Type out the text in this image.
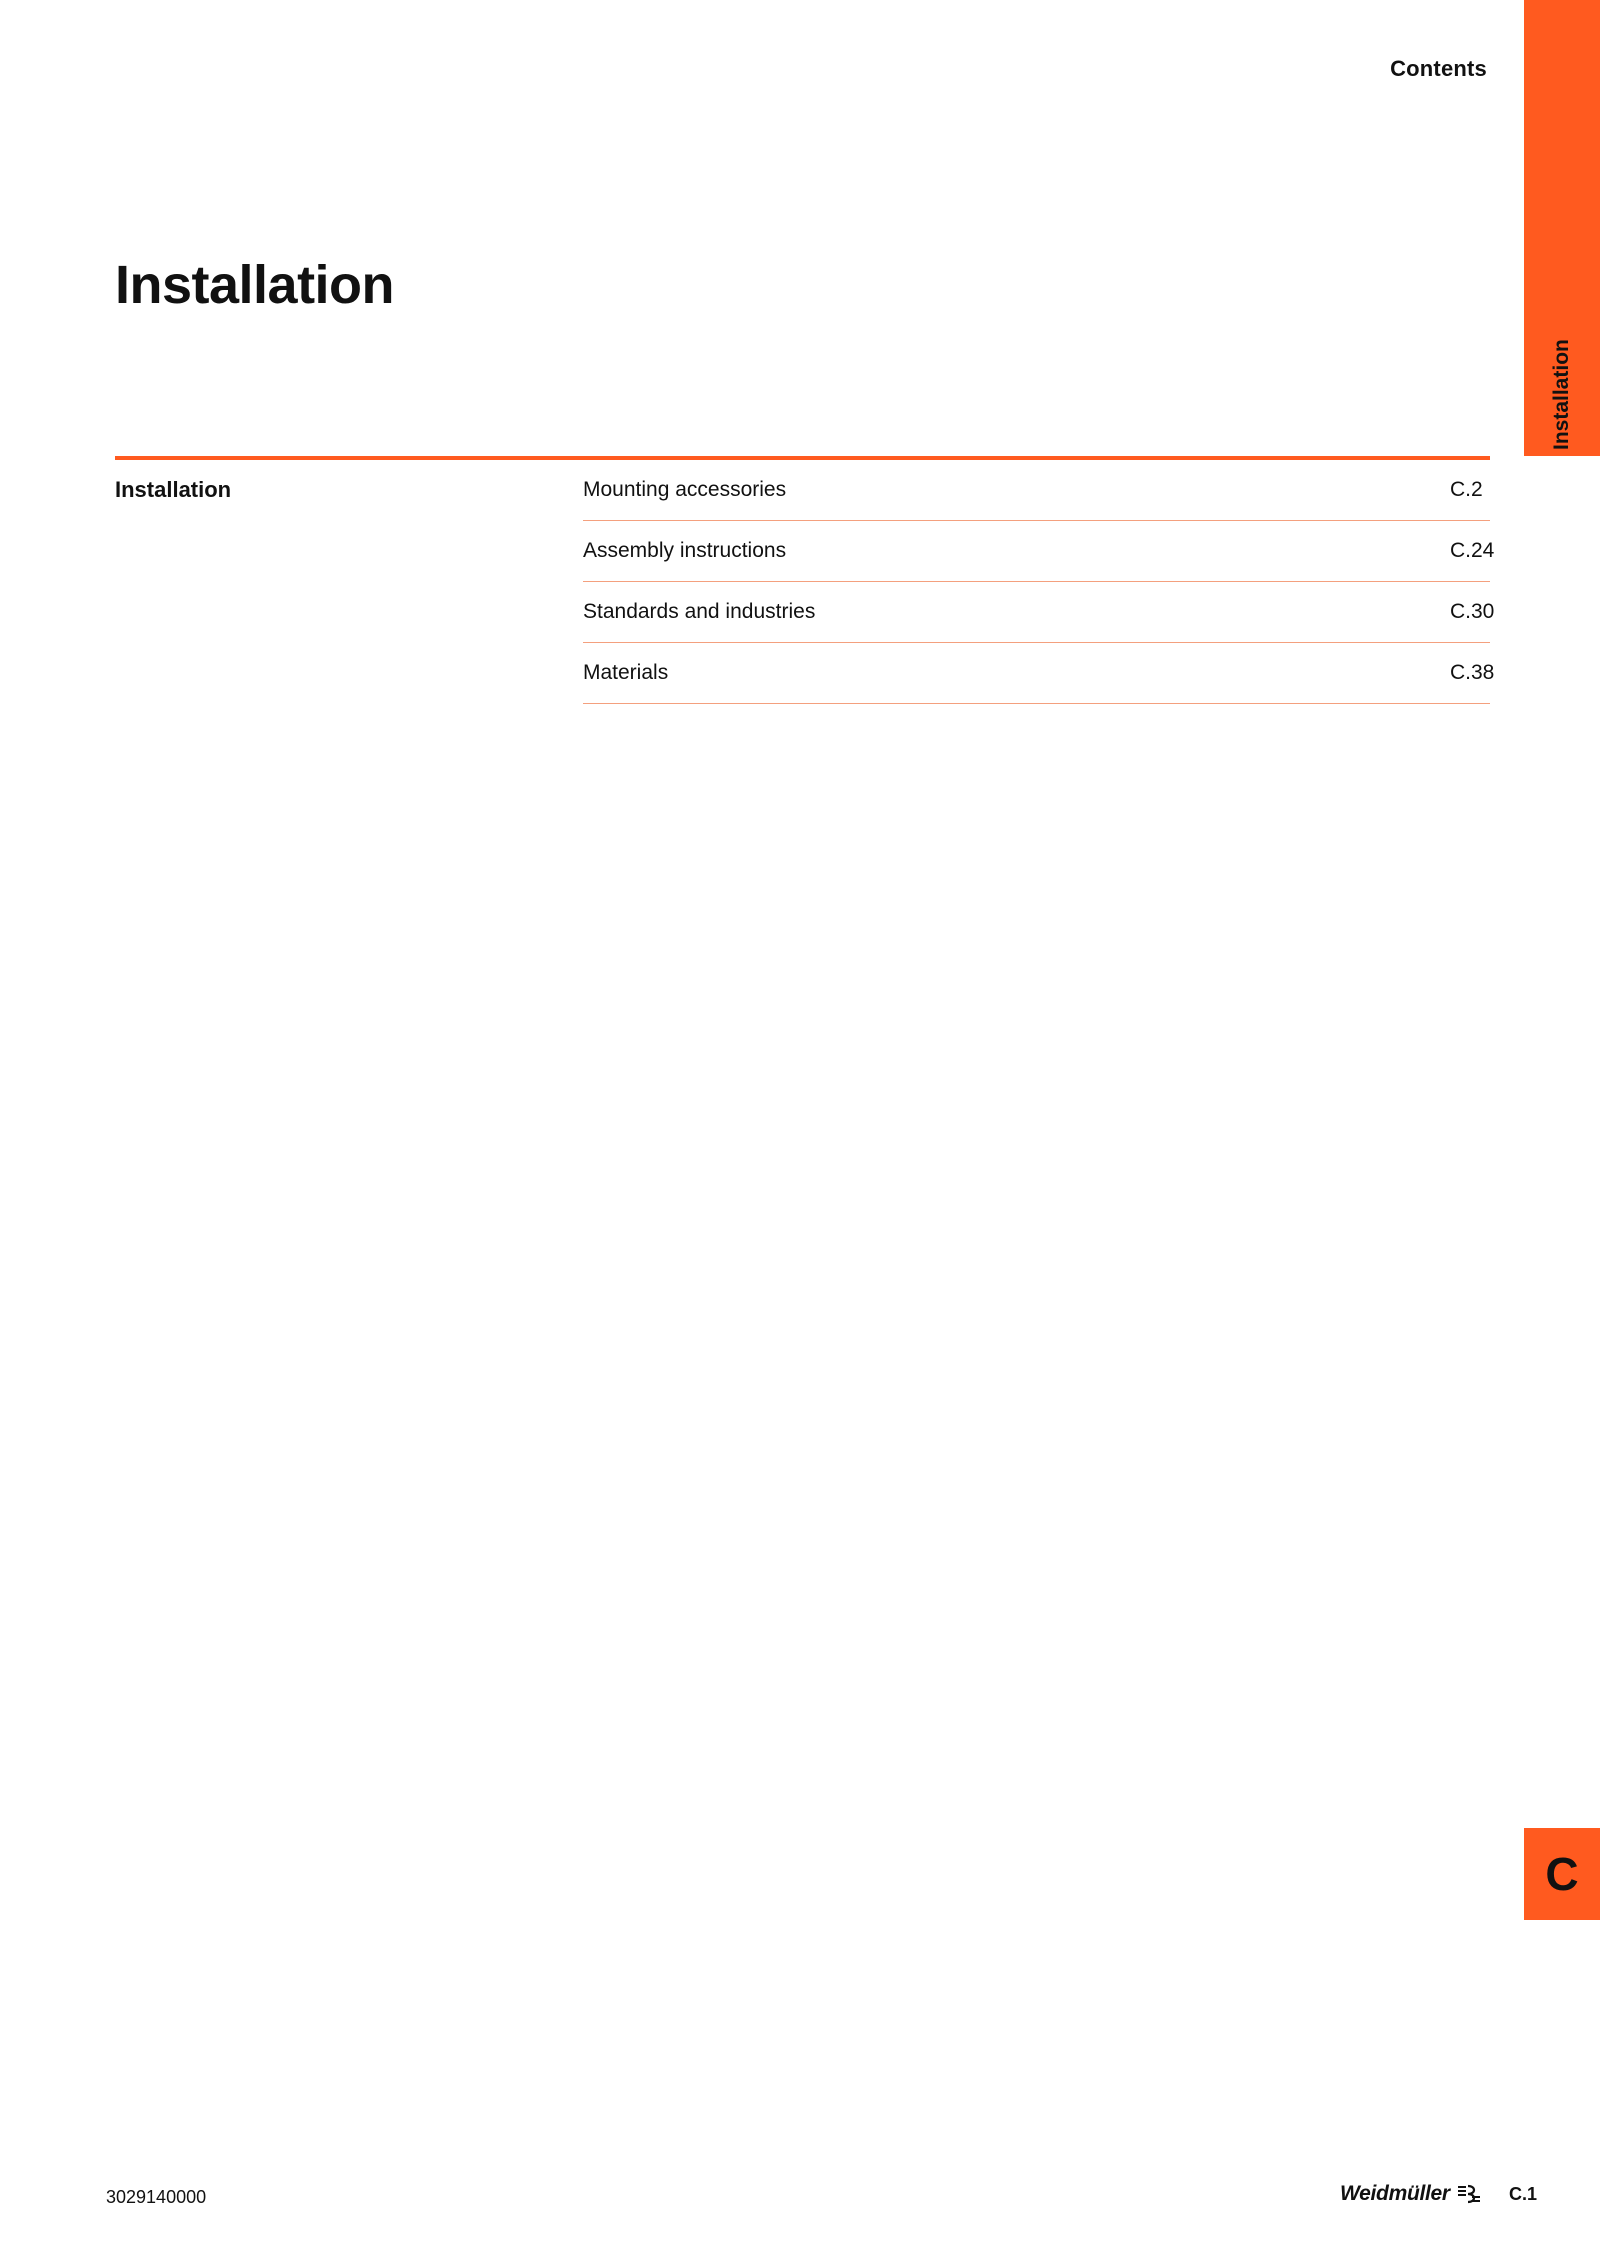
Contents
Installation
Installation
Installation	Mounting accessories	C.2
Assembly instructions	C.24
Standards and industries	C.30
Materials	C.38
C
3029140000	Weidmüller	C.1
